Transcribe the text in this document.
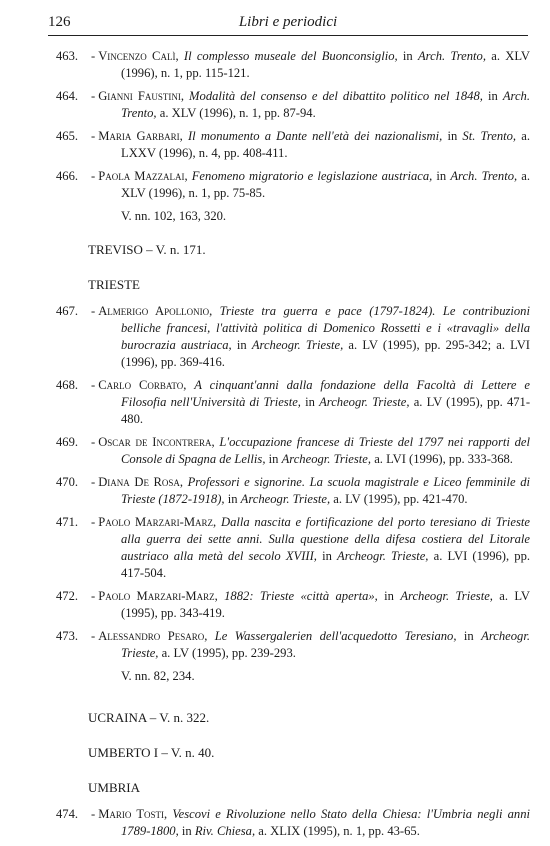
126	Libri e periodici
463. - Vincenzo Calì, Il complesso museale del Buonconsiglio, in Arch. Trento, a. XLV (1996), n. 1, pp. 115-121.
464. - Gianni Faustini, Modalità del consenso e del dibattito politico nel 1848, in Arch. Trento, a. XLV (1996), n. 1, pp. 87-94.
465. - Maria Garbari, Il monumento a Dante nell'età dei nazionalismi, in St. Trento, a. LXXV (1996), n. 4, pp. 408-411.
466. - Paola Mazzalai, Fenomeno migratorio e legislazione austriaca, in Arch. Trento, a. XLV (1996), n. 1, pp. 75-85.
V. nn. 102, 163, 320.
TREVISO – V. n. 171.
TRIESTE
467. - Almerigo Apollonio, Trieste tra guerra e pace (1797-1824). Le contribuzioni belliche francesi, l'attività politica di Domenico Rossetti e i «travagli» della burocrazia austriaca, in Archeogr. Trieste, a. LV (1995), pp. 295-342; a. LVI (1996), pp. 369-416.
468. - Carlo Corbato, A cinquant'anni dalla fondazione della Facoltà di Lettere e Filosofia nell'Università di Trieste, in Archeogr. Trieste, a. LV (1995), pp. 471-480.
469. - Oscar de Incontrera, L'occupazione francese di Trieste del 1797 nei rapporti del Console di Spagna de Lellis, in Archeogr. Trieste, a. LVI (1996), pp. 333-368.
470. - Diana De Rosa, Professori e signorine. La scuola magistrale e Liceo femminile di Trieste (1872-1918), in Archeogr. Trieste, a. LV (1995), pp. 421-470.
471. - Paolo Marzari-Marz, Dalla nascita e fortificazione del porto teresiano di Trieste alla guerra dei sette anni. Sulla questione della difesa costiera del Litorale austriaco alla metà del secolo XVIII, in Archeogr. Trieste, a. LVI (1996), pp. 417-504.
472. - Paolo Marzari-Marz, 1882: Trieste «città aperta», in Archeogr. Trieste, a. LV (1995), pp. 343-419.
473. - Alessandro Pesaro, Le Wassergalerien dell'acquedotto Teresiano, in Archeogr. Trieste, a. LV (1995), pp. 239-293.
V. nn. 82, 234.
UCRAINA – V. n. 322.
UMBERTO I – V. n. 40.
UMBRIA
474. - Mario Tosti, Vescovi e Rivoluzione nello Stato della Chiesa: l'Umbria negli anni 1789-1800, in Riv. Chiesa, a. XLIX (1995), n. 1, pp. 43-65.
